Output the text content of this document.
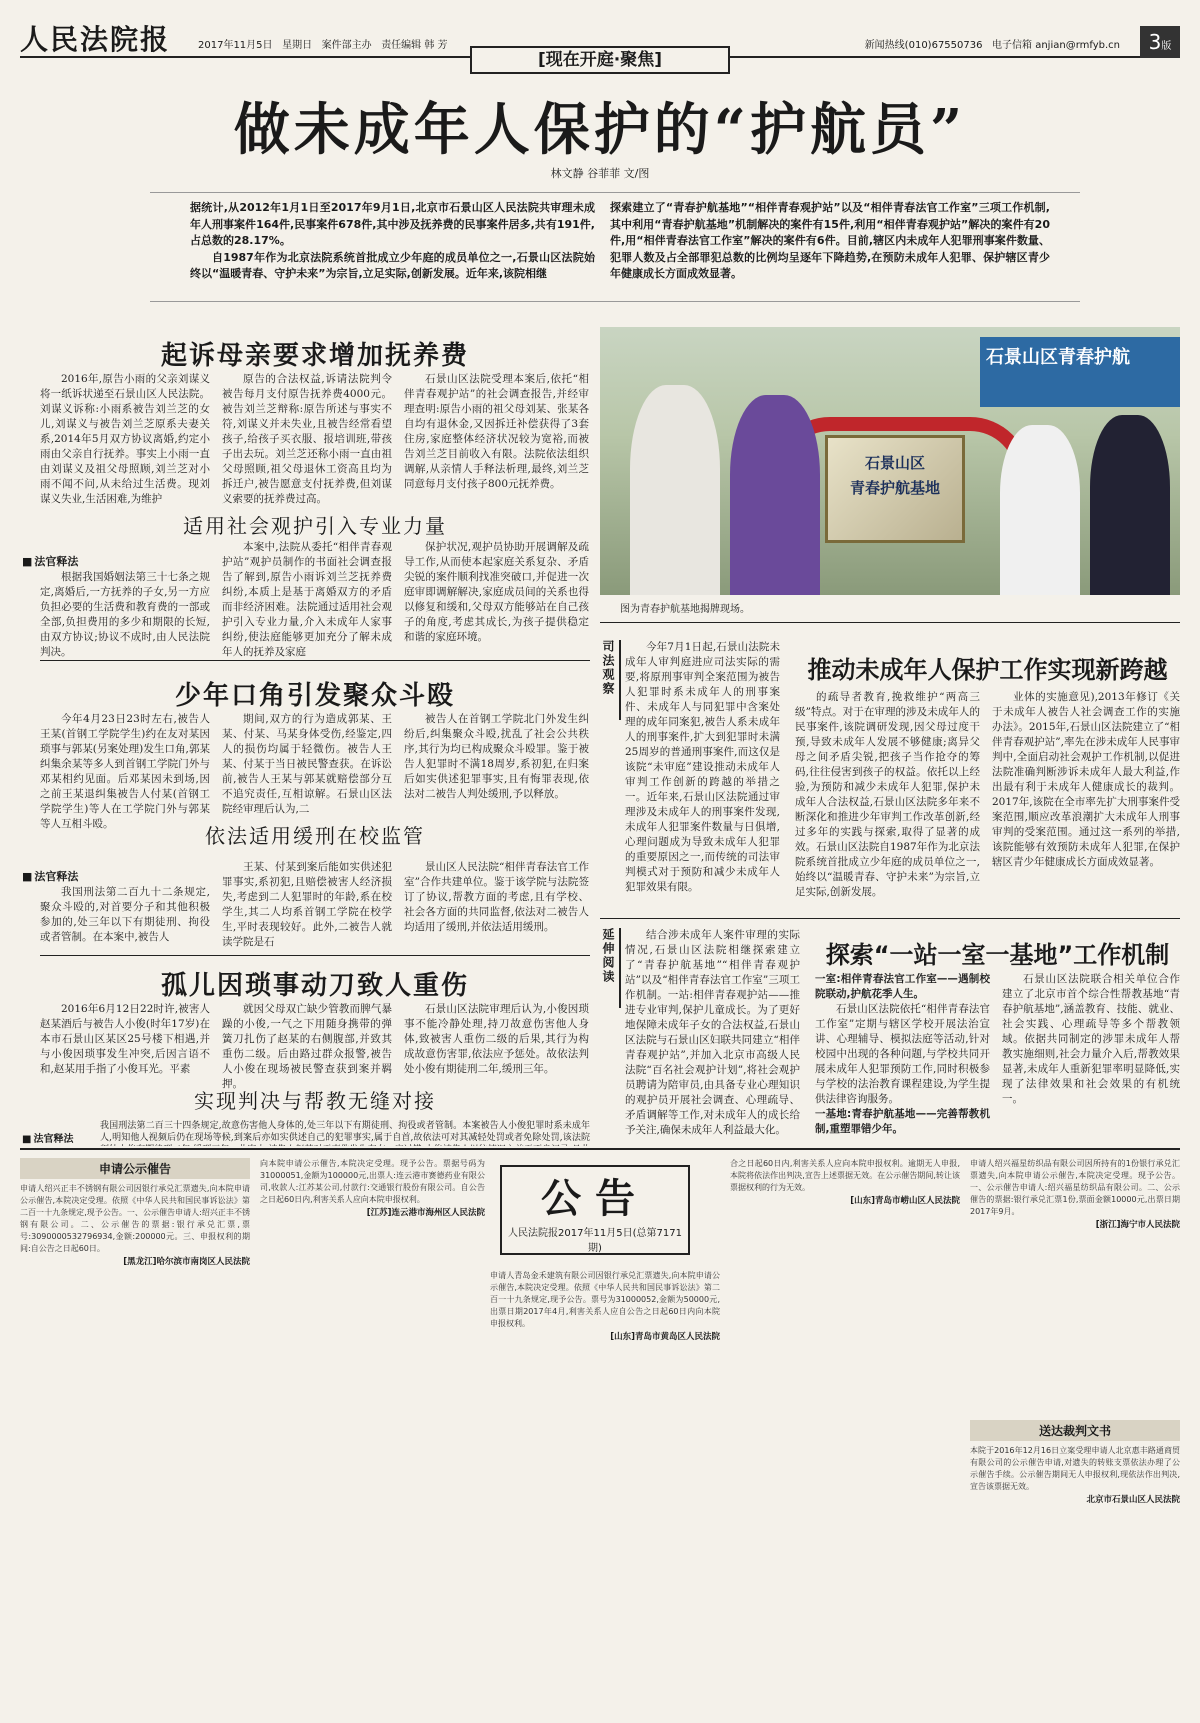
人民法院报	2017年11月5日 星期日 案件部主办 责任编辑 韩 芳	新闻热线(010)67550736 电子信箱 anjian@rmfyb.cn	3版
[现在开庭·聚焦]
做未成年人保护的“护航员”
林文静 谷菲菲 文/图

据统计,从2012年1月1日至2017年9月1日,北京市石景山区人民法院共审理未成年人刑事案件164件,民事案件678件,其中涉及抚养费的民事案件居多,共有191件,占总数的28.17%。

自1987年作为北京法院系统首批成立少年庭的成员单位之一,石景山区法院始终以“温暖青春、守护未来”为宗旨,立足实际,创新发展。近年来,该院相继

探索建立了“青春护航基地”“相伴青春观护站”以及“相伴青春法官工作室”三项工作机制,其中利用“青春护航基地”机制解决的案件有15件,利用“相伴青春观护站”解决的案件有20件,用“相伴青春法官工作室”解决的案件有6件。目前,辖区内未成年人犯罪刑事案件数量、犯罪人数及占全部罪犯总数的比例均呈逐年下降趋势,在预防未成年人犯罪、保护辖区青少年健康成长方面成效显著。
起诉母亲要求增加抚养费
2016年,原告小雨的父亲刘谋义将一纸诉状递至石景山区人民法院。刘谋义诉称:小雨系被告刘兰芝的女儿,刘谋义与被告刘兰芝原系夫妻关系,2014年5月双方协议离婚,约定小雨由父亲自行抚养。事实上小雨一直由刘谋义及祖父母照顾,刘兰芝对小雨不闻不问,从未给过生活费。现刘谋义失业,生活困难,为维护
原告的合法权益,诉请法院判令被告每月支付原告抚养费4000元。被告刘兰芝辩称:原告所述与事实不符,刘谋义并未失业,且被告经常看望孩子,给孩子买衣服、报培训班,带孩子出去玩。刘兰芝还称小雨一直由祖父母照顾,祖父母退休工资高且均为拆迁户,被告愿意支付抚养费,但刘谋义索要的抚养费过高。
石景山区法院受理本案后,依托“相伴青春观护站”的社会调查报告,并经审理查明:原告小雨的祖父母刘某、张某各自均有退休金,又因拆迁补偿获得了3套住房,家庭整体经济状况较为宽裕,而被告刘兰芝目前收入有限。法院依法组织调解,从亲情人手释法析理,最终,刘兰芝同意每月支付孩子800元抚养费。
适用社会观护引入专业力量
■ 法官释法
根据我国婚姻法第三十七条之规定,离婚后,一方抚养的子女,另一方应负担必要的生活费和教育费的一部或全部,负担费用的多少和期限的长短,由双方协议;协议不成时,由人民法院判决。
本案中,法院从委托“相伴青春观护站”观护员制作的书面社会调查报告了解到,原告小雨诉刘兰芝抚养费纠纷,本质上是基于离婚双方的矛盾而非经济困难。法院通过适用社会观护引入专业力量,介入未成年人家事纠纷,使法庭能够更加充分了解未成年人的抚养及家庭
保护状况,观护员协助开展调解及疏导工作,从而使本起家庭关系复杂、矛盾尖锐的案件顺利找准突破口,并促进一次庭审即调解解决,家庭成员间的关系也得以修复和缓和,父母双方能够站在自己孩子的角度,考虑其成长,为孩子提供稳定和谐的家庭环境。
少年口角引发聚众斗殴
今年4月23日23时左右,被告人王某(首钢工学院学生)约在友对某因琐事与郭某(另案处理)发生口角,郭某纠集余某等多人到首钢工学院门外与邓某相约见面。后邓某因未到场,因之前王某退纠集被告人付某(首钢工学院学生)等人在工学院门外与郭某等人互相斗殴。
期间,双方的行为造成郭某、王某、付某、马某身体受伤,经鉴定,四人的损伤均属于轻微伤。被告人王某、付某于当日被民警查获。在诉讼前,被告人王某与郭某就赔偿部分互不追究责任,互相谅解。石景山区法院经审理后认为,二
被告人在首钢工学院北门外发生纠纷后,纠集聚众斗殴,扰乱了社会公共秩序,其行为均已构成聚众斗殴罪。鉴于被告人犯罪时不满18周岁,系初犯,在归案后如实供述犯罪事实,且有悔罪表现,依法对二被告人判处缓刑,予以释放。
依法适用缓刑在校监管
■ 法官释法
我国刑法第二百九十二条规定,聚众斗殴的,对首要分子和其他积极参加的,处三年以下有期徒刑、拘役或者管制。在本案中,被告人
王某、付某到案后能如实供述犯罪事实,系初犯,且赔偿被害人经济损失,考虑到二人犯罪时的年龄,系在校学生,其二人均系首钢工学院在校学生,平时表现较好。此外,二被告人就读学院是石
景山区人民法院“相伴青春法官工作室”合作共建单位。鉴于该学院与法院签订了协议,帮教方面的考虑,且有学校、社会各方面的共同监督,依法对二被告人均适用了缓刑,并依法适用缓刑。
孤儿因琐事动刀致人重伤
2016年6月12日22时许,被害人赵某酒后与被告人小俊(时年17岁)在本市石景山区某区25号楼下相遇,并与小俊因琐事发生冲突,后因言语不和,赵某用手指了小俊耳光。平素
就因父母双亡缺少管教而脾气暴躁的小俊,一气之下用随身携带的弹簧刀扎伤了赵某的右侧腹部,并致其重伤二级。后由路过群众报警,被告人小俊在现场被民警查获到案并羁押。
石景山区法院审理后认为,小俊因琐事不能冷静处理,持刀故意伤害他人身体,致被害人重伤二级的后果,其行为构成故意伤害罪,依法应予惩处。故依法判处小俊有期徒刑二年,缓刑三年。
实现判决与帮教无缝对接
■ 法官释法
我国刑法第二百三十四条规定,故意伤害他人身体的,处三年以下有期徒刑、拘役或者管制。本案被告人小俊犯罪时系未成年人,明知他人视频后仍在现场等候,到案后亦如实供述自己的犯罪事实,属于自首,故依法可对其减轻处罚或者免除处罚,该法院
石景山区青春护航
石景山区
青春护航基地
图为青春护航基地揭牌现场。
司法观察	今年7月1日起,石景山法院未成年人审判庭进应司法实际的需要,将原刑事审判全案范围为被告人犯罪时系未成年人的刑事案件、未成年人与同犯罪中含案处理的成年同案犯,被告人系未成年人的刑事案件,扩大到犯罪时未满25周岁的普通刑事案件,而这仅是该院“未审庭”建设推动未成年人审判工作创新的跨越的举措之一。近年来,石景山区法院通过审理涉及未成年人的刑事案件发现,未成年人犯罪案件数量与日俱增,心理问题成为导致未成年人犯罪的重要原因之一,而传统的司法审判模式对于预防和减少未成年人犯罪效果有限。
推动未成年人保护工作实现新跨越
的疏导者教育,挽救维护“两高三级”特点。对于在审理的涉及未成年人的民事案件,该院调研发现,因父母过度干预,导致未成年人发展不够健康;离异父母之间矛盾尖锐,把孩子当作抢夺的筹码,往往侵害到孩子的权益。依托以上经验,为预防和减少未成年人犯罪,保护未成年人合法权益,石景山区法院多年来不断深化和推进少年审判工作改革创新,经过多年的实践与探索,取得了显著的成效。石景山区法院自1987年作为北京法院系统首批成立少年庭的成员单位之一,始终以“温暖青春、守护未来”为宗旨,立足实际,创新发展。
业体的实施意见),2013年修订《关于未成年人被告人社会调查工作的实施办法》。2015年,石景山区法院建立了“相伴青春观护站”,率先在涉未成年人民事审判中,全面启动社会观护工作机制,以促进法院准确判断涉诉未成年人最大利益,作出最有利于未成年人健康成长的裁判。2017年,该院在全市率先扩大刑事案件受案范围,顺应改革浪潮扩大未成年人刑事审判的受案范围。通过这一系列的举措,该院能够有效预防未成年人犯罪,在保护辖区青少年健康成长方面成效显著。
延伸阅读	结合涉未成年人案件审理的实际情况,石景山区法院相继探索建立了“青春护航基地”“相伴青春观护站”以及“相伴青春法官工作室”三项工作机制。一站:相伴青春观护站——推进专业审判,保护儿童成长。为了更好地保障未成年子女的合法权益,石景山区法院与石景山区妇联共同建立“相伴青春观护站”,并加入北京市高级人民法院“百名社会观护计划”,将社会观护员聘请为陪审员,由具备专业心理知识的观护员开展社会调查、心理疏导、矛盾调解等工作,对未成年人的成长给予关注,确保未成年人利益最大化。
探索“一站一室一基地”工作机制

一室:相伴青春法官工作室——遇制校院联动,护航花季人生。

石景山区法院依托“相伴青春法官工作室”定期与辖区学校开展法治宣讲、心理辅导、模拟法庭等活动,针对校园中出现的各种问题,与学校共同开展未成年人犯罪预防工作,同时积极参与学校的法治教育课程建设,为学生提供法律咨询服务。

一基地:青春护航基地——完善帮教机制,重塑罪错少年。

石景山区法院联合相关单位合作建立了北京市首个综合性帮教基地“青春护航基地”,涵盖教育、技能、就业、社会实践、心理疏导等多个帮教领域。依据共同制定的涉罪未成年人帮教实施细则,社会力量介入后,帮教效果显著,未成年人重新犯罪率明显降低,实现了法律效果和社会效果的有机统一。
申请公示催告
申请人绍兴正丰不锈钢有限公司因银行承兑汇票遗失,向本院申请公示催告,本院决定受理。依照《中华人民共和国民事诉讼法》第二百一十九条规定,现予公告。一、公示催告申请人:绍兴正丰不锈钢有限公司。二、公示催告的票据:银行承兑汇票,票号:3090000532796934,金额:200000元。三、申报权利的期间:自公告之日起60日。
[黑龙江]哈尔滨市南岗区人民法院
向本院申请公示催告,本院决定受理。现予公告。票据号码为31000051,金额为100000元,出票人:连云港市赛德药业有限公司,收款人:江苏某公司,付款行:交通银行股份有限公司。自公告之日起60日内,利害关系人应向本院申报权利。
[江苏]连云港市海州区人民法院
申请人青岛金禾建筑有限公司因银行承兑汇票遗失,向本院申请公示催告,本院决定受理。依照《中华人民共和国民事诉讼法》第二百一十九条规定,现予公告。票号为31000052,金额为50000元,出票日期2017年4月,利害关系人应自公告之日起60日内向本院申报权利。
[山东]青岛市黄岛区人民法院
合之日起60日内,利害关系人应向本院申报权利。逾期无人申报,本院将依法作出判决,宣告上述票据无效。在公示催告期间,转让该票据权利的行为无效。
[山东]青岛市崂山区人民法院
申请人绍兴福星纺织品有限公司因所持有的1份银行承兑汇票遗失,向本院申请公示催告,本院决定受理。现予公告。一、公示催告申请人:绍兴福星纺织品有限公司。二、公示催告的票据:银行承兑汇票1份,票面金额10000元,出票日期2017年9月。
[浙江]海宁市人民法院
送达裁判文书
本院于2016年12月16日立案受理申请人北京惠丰路通商贸有限公司的公示催告申请,对遗失的转账支票依法办理了公示催告手续。公示催告期间无人申报权利,现依法作出判决,宣告该票据无效。
北京市石景山区人民法院
公告
人民法院报2017年11月5日(总第7171期)
